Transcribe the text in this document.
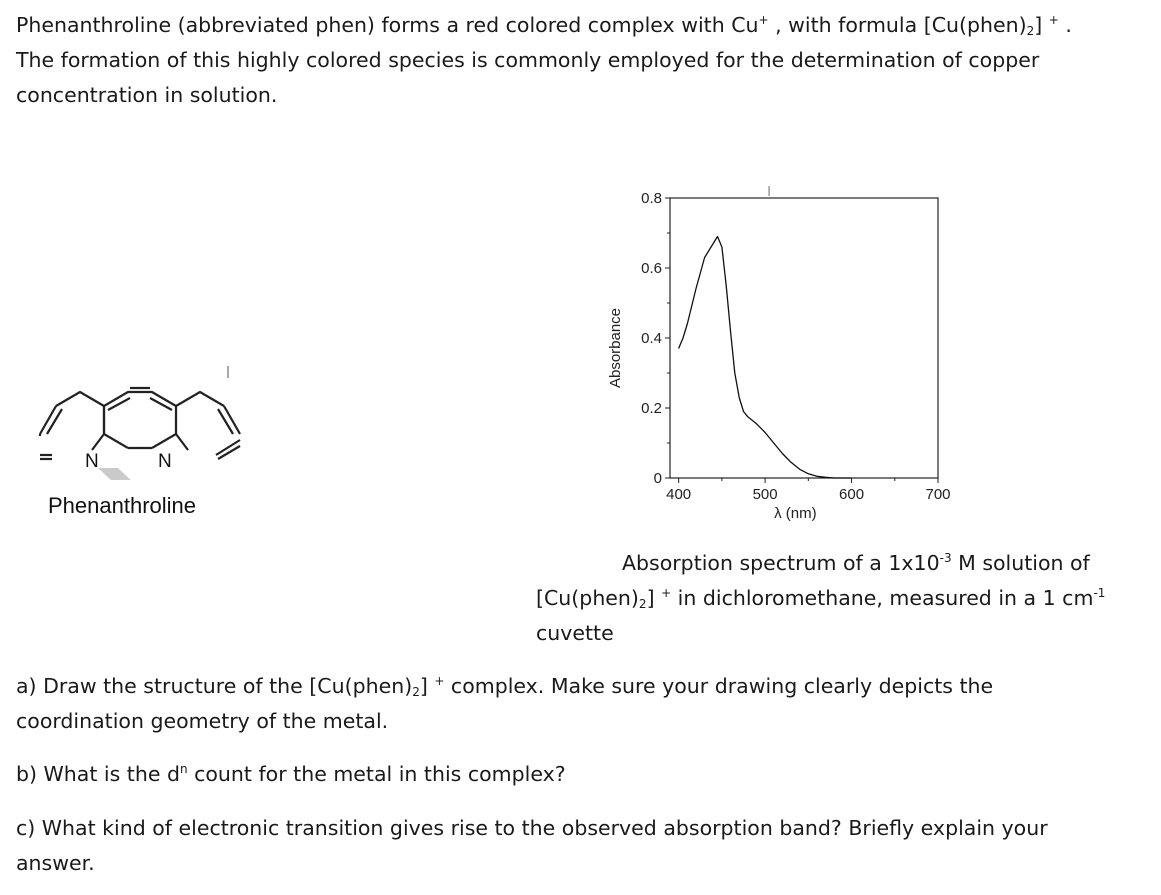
Phenanthroline (abbreviated phen) forms a red colored complex with Cu+ , with formula $[Cu(phen)_2]$ + .
The formation of this highly colored species is commonly employed for the determination of copper
concentration in solution.
N	N
Phenanthroline
0
0.2
0.4
0.6
0.8
400	500	600	700
λ (nm)
Absorbance
Absorption spectrum of a $1x10^{-3}$ M solution of
$[Cu(phen)_2]$ + in dichloromethane, measured in a 1 $cm^{-1}$
cuvette
a) Draw the structure of the $[Cu(phen)_2]$ + complex. Make sure your drawing clearly depicts the
coordination geometry of the metal.
b) What is the $d^n$ count for the metal in this complex?
c) What kind of electronic transition gives rise to the observed absorption band? Briefly explain your
answer.
